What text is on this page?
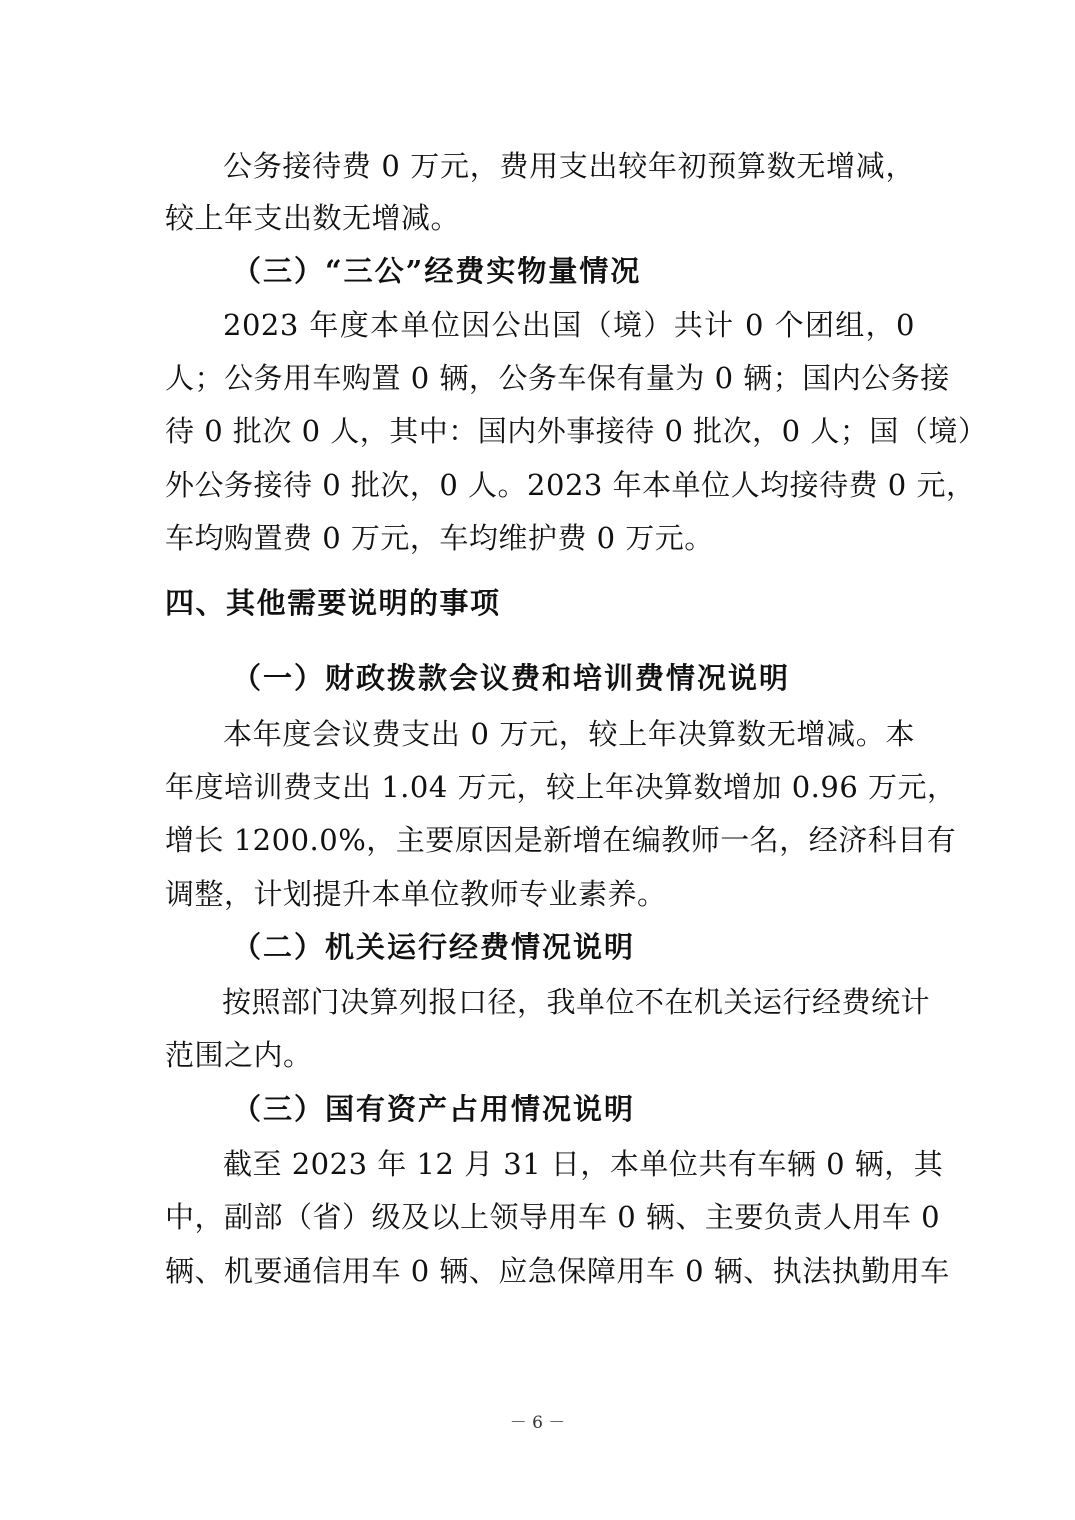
公务接待费 0 万元，费用支出较年初预算数无增减，
较上年支出数无增减。
（三）“三公”经费实物量情况
2023 年度本单位因公出国（境）共计 0 个团组，0
人；公务用车购置 0 辆，公务车保有量为 0 辆；国内公务接
待 0 批次 0 人，其中：国内外事接待 0 批次，0 人；国（境）
外公务接待 0 批次，0 人。2023 年本单位人均接待费 0 元，
车均购置费 0 万元，车均维护费 0 万元。
四、其他需要说明的事项
（一）财政拨款会议费和培训费情况说明
本年度会议费支出 0 万元，较上年决算数无增减。本
年度培训费支出 1.04 万元，较上年决算数增加 0.96 万元，
增长 1200.0%，主要原因是新增在编教师一名，经济科目有
调整，计划提升本单位教师专业素养。
（二）机关运行经费情况说明
按照部门决算列报口径，我单位不在机关运行经费统计
范围之内。
（三）国有资产占用情况说明
截至 2023 年 12 月 31 日，本单位共有车辆 0 辆，其
中，副部（省）级及以上领导用车 0 辆、主要负责人用车 0
辆、机要通信用车 0 辆、应急保障用车 0 辆、执法执勤用车
－ 6 －
